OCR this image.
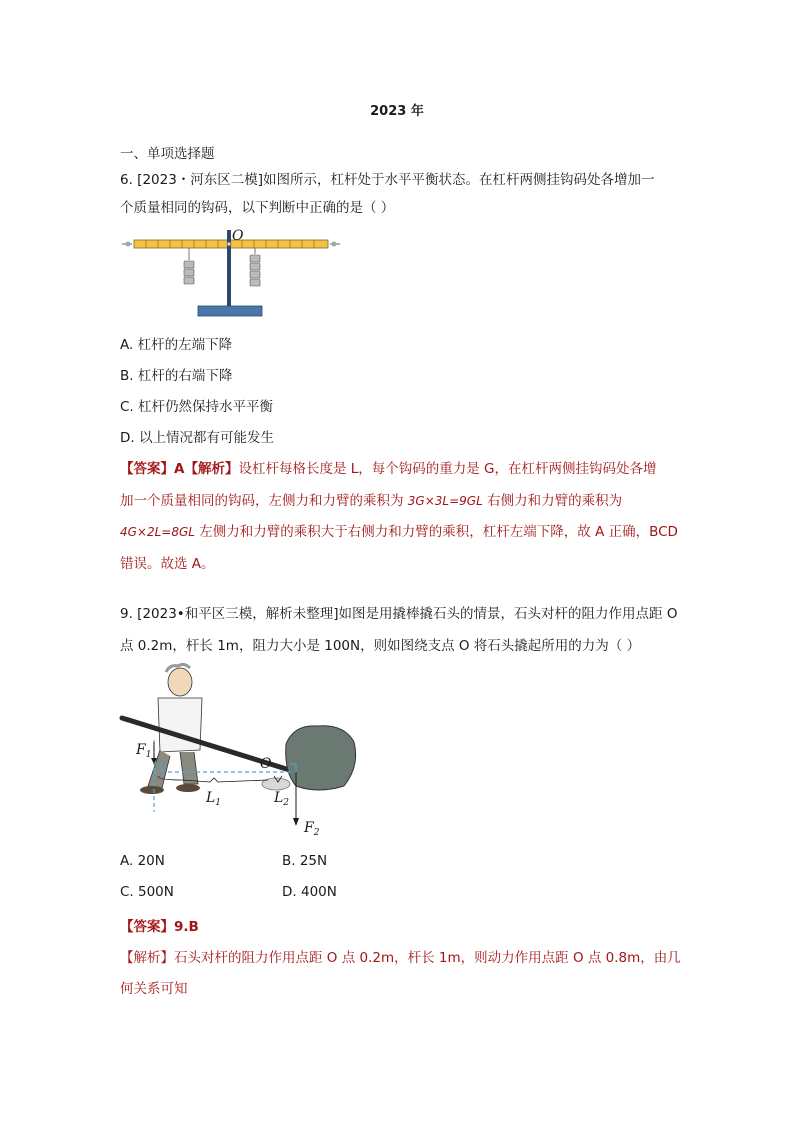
2023 年
一、单项选择题
6. [2023・河东区二模]如图所示，杠杆处于水平平衡状态。在杠杆两侧挂钩码处各增加一
个质量相同的钩码，以下判断中正确的是（ ）
O
A. 杠杆的左端下降
B. 杠杆的右端下降
C. 杠杆仍然保持水平平衡
D. 以上情况都有可能发生
【答案】A【解析】设杠杆每格长度是 L，每个钩码的重力是 G，在杠杆两侧挂钩码处各增
加一个质量相同的钩码，左侧力和力臂的乘积为 3G×3L=9GL 右侧力和力臂的乘积为
4G×2L=8GL 左侧力和力臂的乘积大于右侧力和力臂的乘积，杠杆左端下降，故 A 正确，BCD
错误。故选 A。
9. [2023•和平区三模，解析未整理]如图是用撬棒撬石头的情景，石头对杆的阻力作用点距 O
点 0.2m，杆长 1m，阻力大小是 100N，则如图绕支点 O 将石头撬起所用的力为（ ）
$F_1$
O
$L_1$	$L_2$
$F_2$
A. 20N	B. 25N
C. 500N	D. 400N
【答案】9.B
【解析】石头对杆的阻力作用点距 O 点 0.2m，杆长 1m，则动力作用点距 O 点 0.8m，由几
何关系可知
